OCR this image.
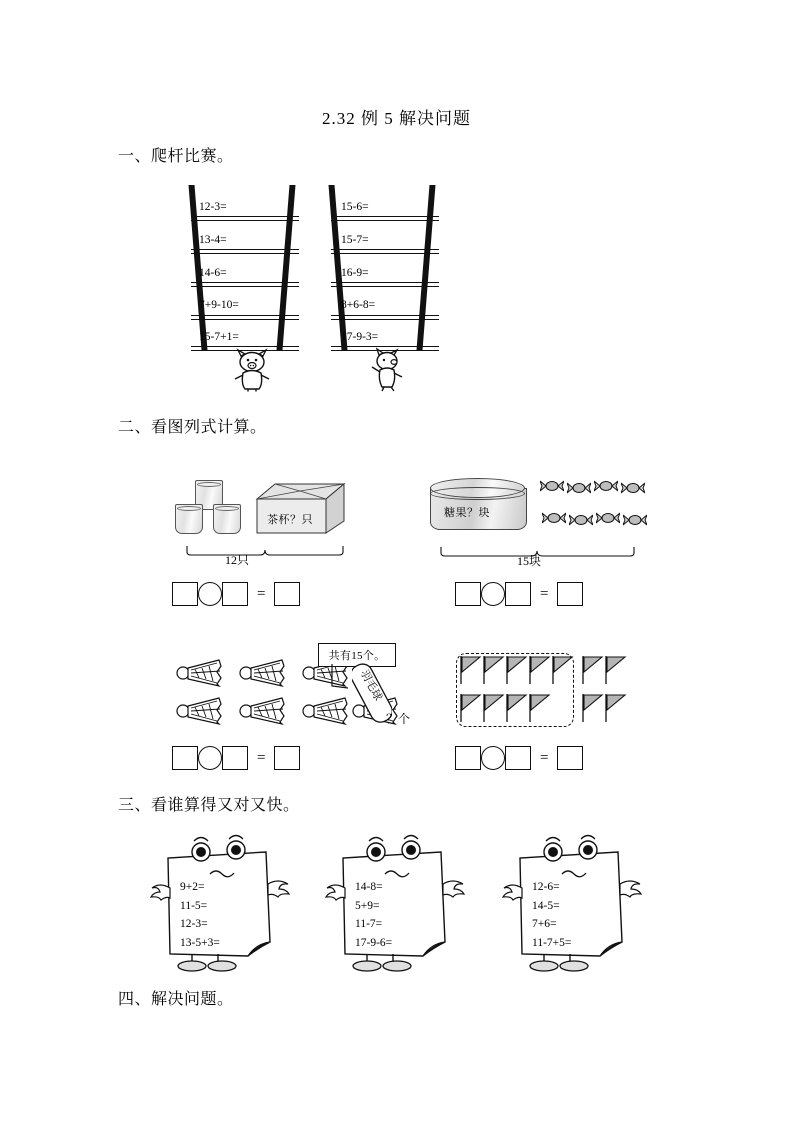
2.32 例 5 解决问题
一、爬杆比赛。
12-3=
13-4=
14-6=
7+9-10=
15-7+1=
15-6=
15-7=
16-9=
8+6-8=
17-9-3=
二、看图列式计算。
茶杯？只
12只
糖果？块
15块
=	=
共有15个。
羽毛球
？个
=	=
三、看谁算得又对又快。
9+2=
11-5=
12-3=
13-5+3=
14-8=
5+9=
11-7=
17-9-6=
12-6=
14-5=
7+6=
11-7+5=
四、解决问题。
